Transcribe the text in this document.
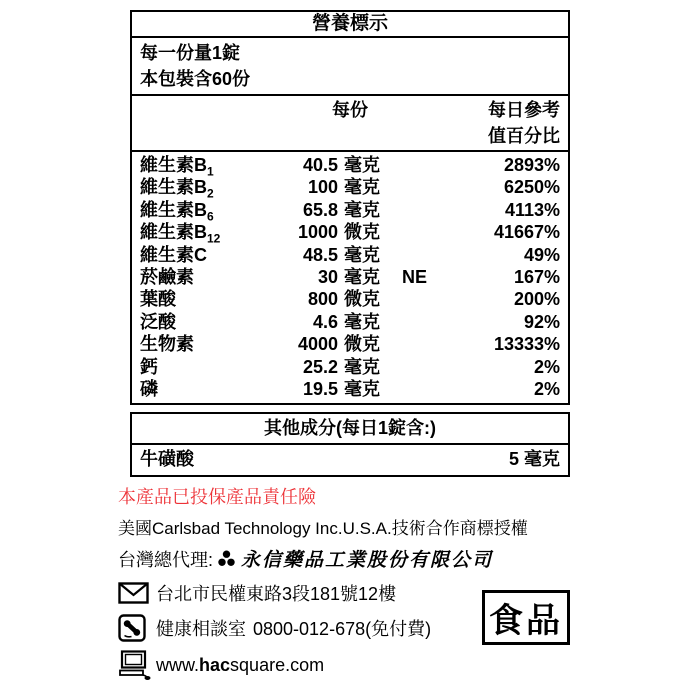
營養標示
每一份量1錠
本包裝含60份
每份	每日參考
值百分比
維生素$B_1$	40.5 毫克	2893%
維生素$B_2$	100 毫克	6250%
維生素$B_6$	65.8 毫克	4113%
維生素$B_{12}$	1000 微克	41667%
維生素C	48.5 毫克	49%
菸鹼素	30 毫克	NE	167%
葉酸	800 微克	200%
泛酸	4.6 毫克	92%
生物素	4000 微克	13333%
鈣	25.2 毫克	2%
磷	19.5 毫克	2%
其他成分(每日1錠含:)
牛磺酸	5 毫克
本產品已投保產品責任險
美國Carlsbad Technology Inc.U.S.A.技術合作商標授權
台灣總代理: 永信藥品工業股份有限公司
台北市民權東路3段181號12樓
健康相談室 0800-012-678(免付費)
www.hacsquare.com
食品
